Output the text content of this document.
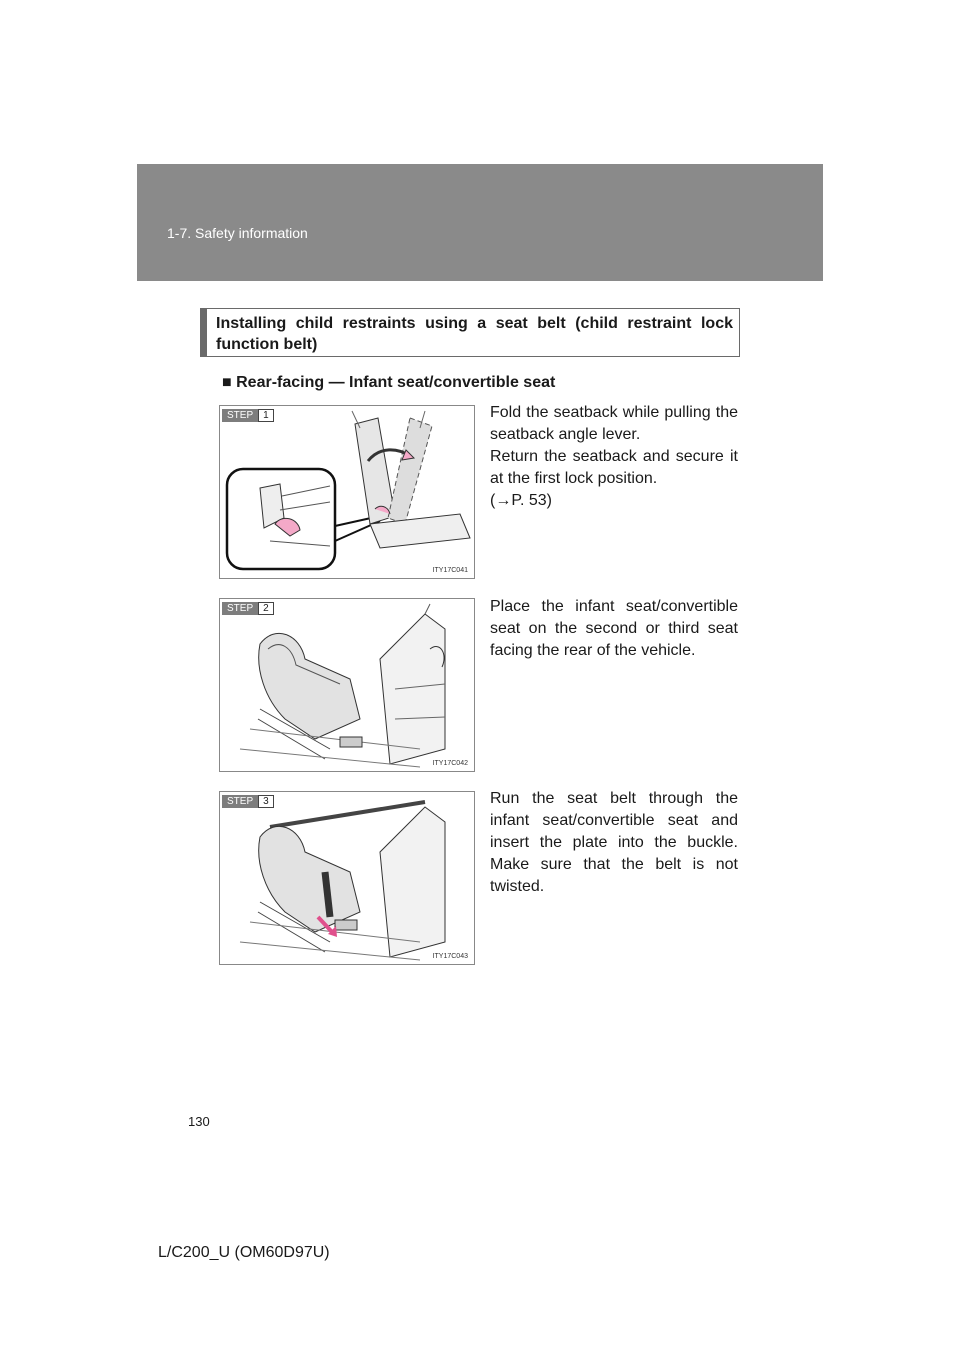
1-7. Safety information
Installing child restraints using a seat belt (child restraint lock function belt)
■ Rear-facing — Infant seat/convertible seat
STEP	1
ITY17C041

Fold the seatback while pulling the seatback angle lever.

Return the seatback and secure it at the first lock position.

(→P. 53)

STEP	2
ITY17C042

Place the infant seat/convertible seat on the second or third seat facing the rear of the vehicle.

STEP	3
ITY17C043

Run the seat belt through the infant seat/convertible seat and insert the plate into the buckle. Make sure that the belt is not twisted.

130
L/C200_U (OM60D97U)
